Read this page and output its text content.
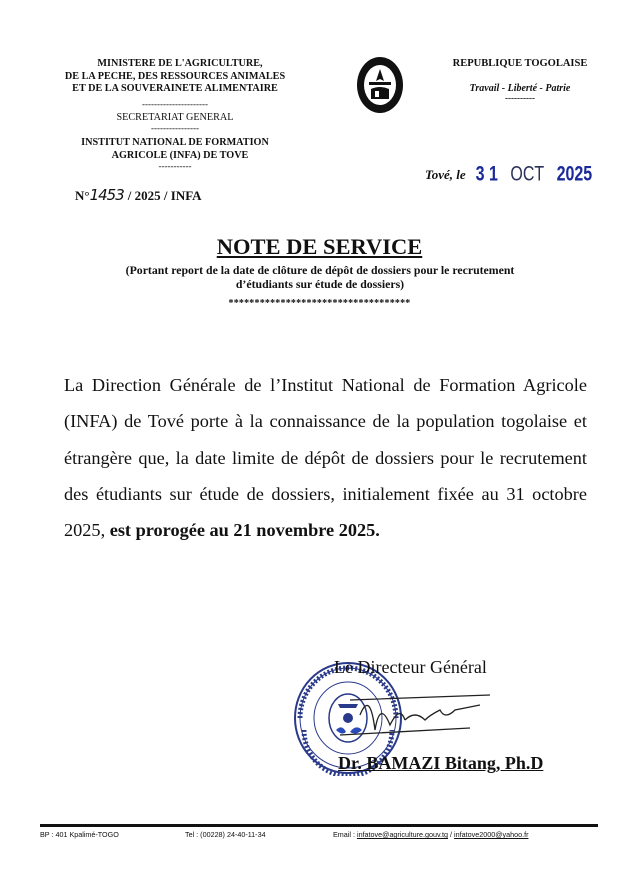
MINISTERE DE L'AGRICULTURE,
DE LA PECHE, DES RESSOURCES ANIMALES
ET DE LA SOUVERAINETE ALIMENTAIRE
----------------------
SECRETARIAT GENERAL
----------------
INSTITUT NATIONAL DE FORMATION
AGRICOLE (INFA) DE TOVE
-----------
N° 1453 / 2025 / INFA
REPUBLIQUE TOGOLAISE
Travail - Liberté - Patrie
----------
Tové, le 3 1 OCT 2025
NOTE DE SERVICE
(Portant report de la date de clôture de dépôt de dossiers pour le recrutement
d’étudiants sur étude de dossiers)
***********************************
La Direction Générale de l’Institut National de Formation Agricole (INFA) de Tové porte à la connaissance de la population togolaise et étrangère que, la date limite de dépôt de dossiers pour le recrutement des étudiants sur étude de dossiers, initialement fixée au 31 octobre 2025, est prorogée au 21 novembre 2025.
Le Directeur Général
Dr. BAMAZI Bitang, Ph.D
BP : 401 Kpalimé-TOGO	Tel : (00228) 24-40-11-34	Email : infatove@agriculture.gouv.tg / infatove2000@yahoo.fr
